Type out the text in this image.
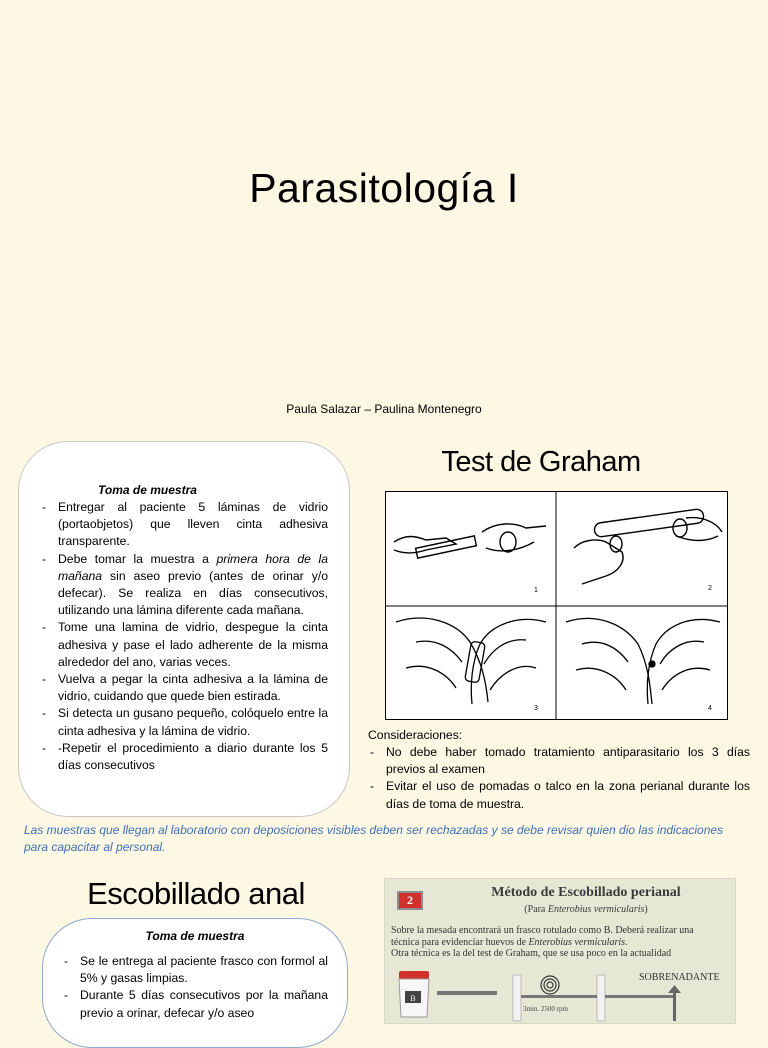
Parasitología I
Paula Salazar – Paulina Montenegro
Toma de muestra
- Entregar al paciente 5 láminas de vidrio (portaobjetos) que lleven cinta adhesiva transparente.
- Debe tomar la muestra a primera hora de la mañana sin aseo previo (antes de orinar y/o defecar). Se realiza en días consecutivos, utilizando una lámina diferente cada mañana.
- Tome una lamina de vidrio, despegue la cinta adhesiva y pase el lado adherente de la misma alrededor del ano, varias veces.
- Vuelva a pegar la cinta adhesiva a la lámina de vidrio, cuidando que quede bien estirada.
- Si detecta un gusano pequeño, colóquelo entre la cinta adhesiva y la lámina de vidrio.
- -Repetir el procedimiento a diario durante los 5 días consecutivos
Test de Graham
1	2
3	4
Consideraciones:
- No debe haber tomado tratamiento antiparasitario los 3 días previos al examen
- Evitar el uso de pomadas o talco en la zona perianal durante los días de toma de muestra.
Las muestras que llegan al laboratorio con deposiciones visibles deben ser rechazadas y se debe revisar quien dio las indicaciones para capacitar al personal.
Escobillado anal
Toma de muestra
- Se le entrega al paciente frasco con formol al 5% y gasas limpias.
- Durante 5 días consecutivos por la mañana previo a orinar, defecar y/o aseo
2	Método de Escobillado perianal
(Para Enterobius vermicularis)
Sobre la mesada encontrará un frasco rotulado como B. Deberá realizar una
técnica para evidenciar huevos de Enterobius vermicularis.
Otra técnica es la del test de Graham, que se usa poco en la actualidad
B
SOBRENADANTE
3min. 2500 rpm
